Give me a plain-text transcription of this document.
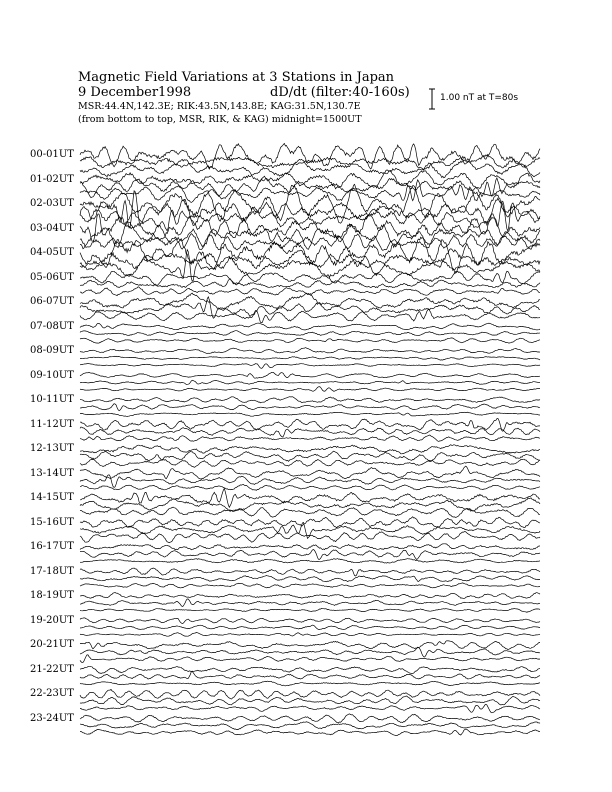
Magnetic Field Variations at 3 Stations in Japan
9 December1998	dD/dt (filter:40-160s)
MSR:44.4N,142.3E; RIK:43.5N,143.8E; KAG:31.5N,130.7E
(from bottom to top, MSR, RIK, & KAG) midnight=1500UT
1.00 nT at T=80s
00-01UT
01-02UT
02-03UT
03-04UT
04-05UT
05-06UT
06-07UT
07-08UT
08-09UT
09-10UT
10-11UT
11-12UT
12-13UT
13-14UT
14-15UT
15-16UT
16-17UT
17-18UT
18-19UT
19-20UT
20-21UT
21-22UT
22-23UT
23-24UT
